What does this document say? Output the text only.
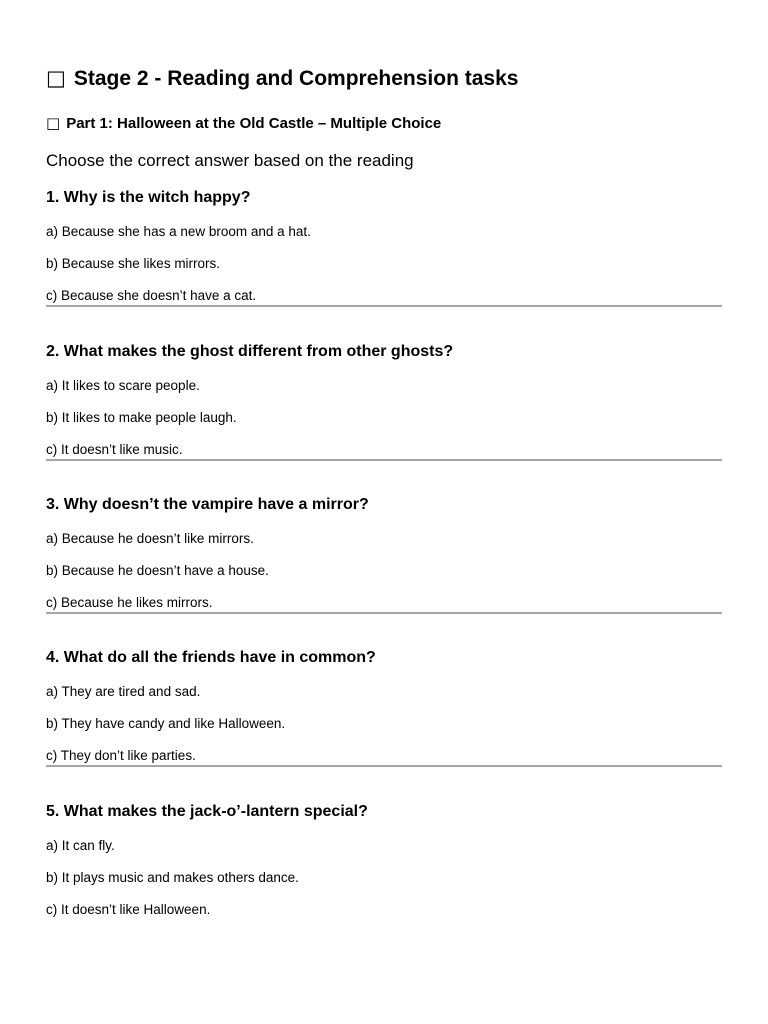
□ Stage 2 - Reading and Comprehension tasks
□ Part 1: Halloween at the Old Castle – Multiple Choice
Choose the correct answer based on the reading
1. Why is the witch happy?
a) Because she has a new broom and a hat.
b) Because she likes mirrors.
c) Because she doesn’t have a cat.
2. What makes the ghost different from other ghosts?
a) It likes to scare people.
b) It likes to make people laugh.
c) It doesn’t like music.
3. Why doesn’t the vampire have a mirror?
a) Because he doesn’t like mirrors.
b) Because he doesn’t have a house.
c) Because he likes mirrors.
4. What do all the friends have in common?
a) They are tired and sad.
b) They have candy and like Halloween.
c) They don’t like parties.
5. What makes the jack-o’-lantern special?
a) It can fly.
b) It plays music and makes others dance.
c) It doesn’t like Halloween.
